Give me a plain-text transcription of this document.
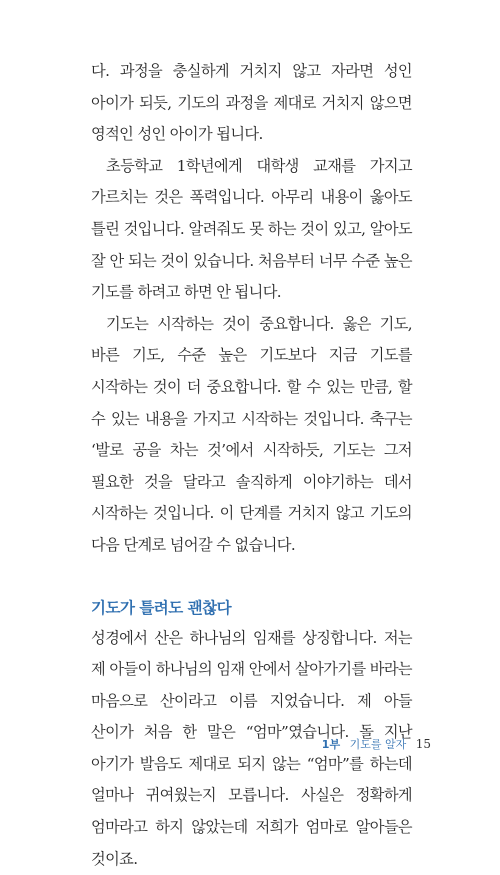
다. 과정을 충실하게 거치지 않고 자라면 성인 아이가 되듯, 기도의 과정을 제대로 거치지 않으면 영적인 성인 아이가 됩니다.

초등학교 1학년에게 대학생 교재를 가지고 가르치는 것은 폭력입니다. 아무리 내용이 옳아도 틀린 것입니다. 알려줘도 못 하는 것이 있고, 알아도 잘 안 되는 것이 있습니다. 처음부터 너무 수준 높은 기도를 하려고 하면 안 됩니다.

기도는 시작하는 것이 중요합니다. 옳은 기도, 바른 기도, 수준 높은 기도보다 지금 기도를 시작하는 것이 더 중요합니다. 할 수 있는 만큼, 할 수 있는 내용을 가지고 시작하는 것입니다. 축구는 ‘발로 공을 차는 것’에서 시작하듯, 기도는 그저 필요한 것을 달라고 솔직하게 이야기하는 데서 시작하는 것입니다. 이 단계를 거치지 않고 기도의 다음 단계로 넘어갈 수 없습니다.

기도가 틀려도 괜찮다

성경에서 산은 하나님의 임재를 상징합니다. 저는 제 아들이 하나님의 임재 안에서 살아가기를 바라는 마음으로 산이라고 이름 지었습니다. 제 아들 산이가 처음 한 말은 “엄마”였습니다. 돌 지난 아기가 발음도 제대로 되지 않는 “엄마”를 하는데 얼마나 귀여웠는지 모릅니다. 사실은 정확하게 엄마라고 하지 않았는데 저희가 엄마로 알아들은 것이죠.

1부 기도를 알자 15
